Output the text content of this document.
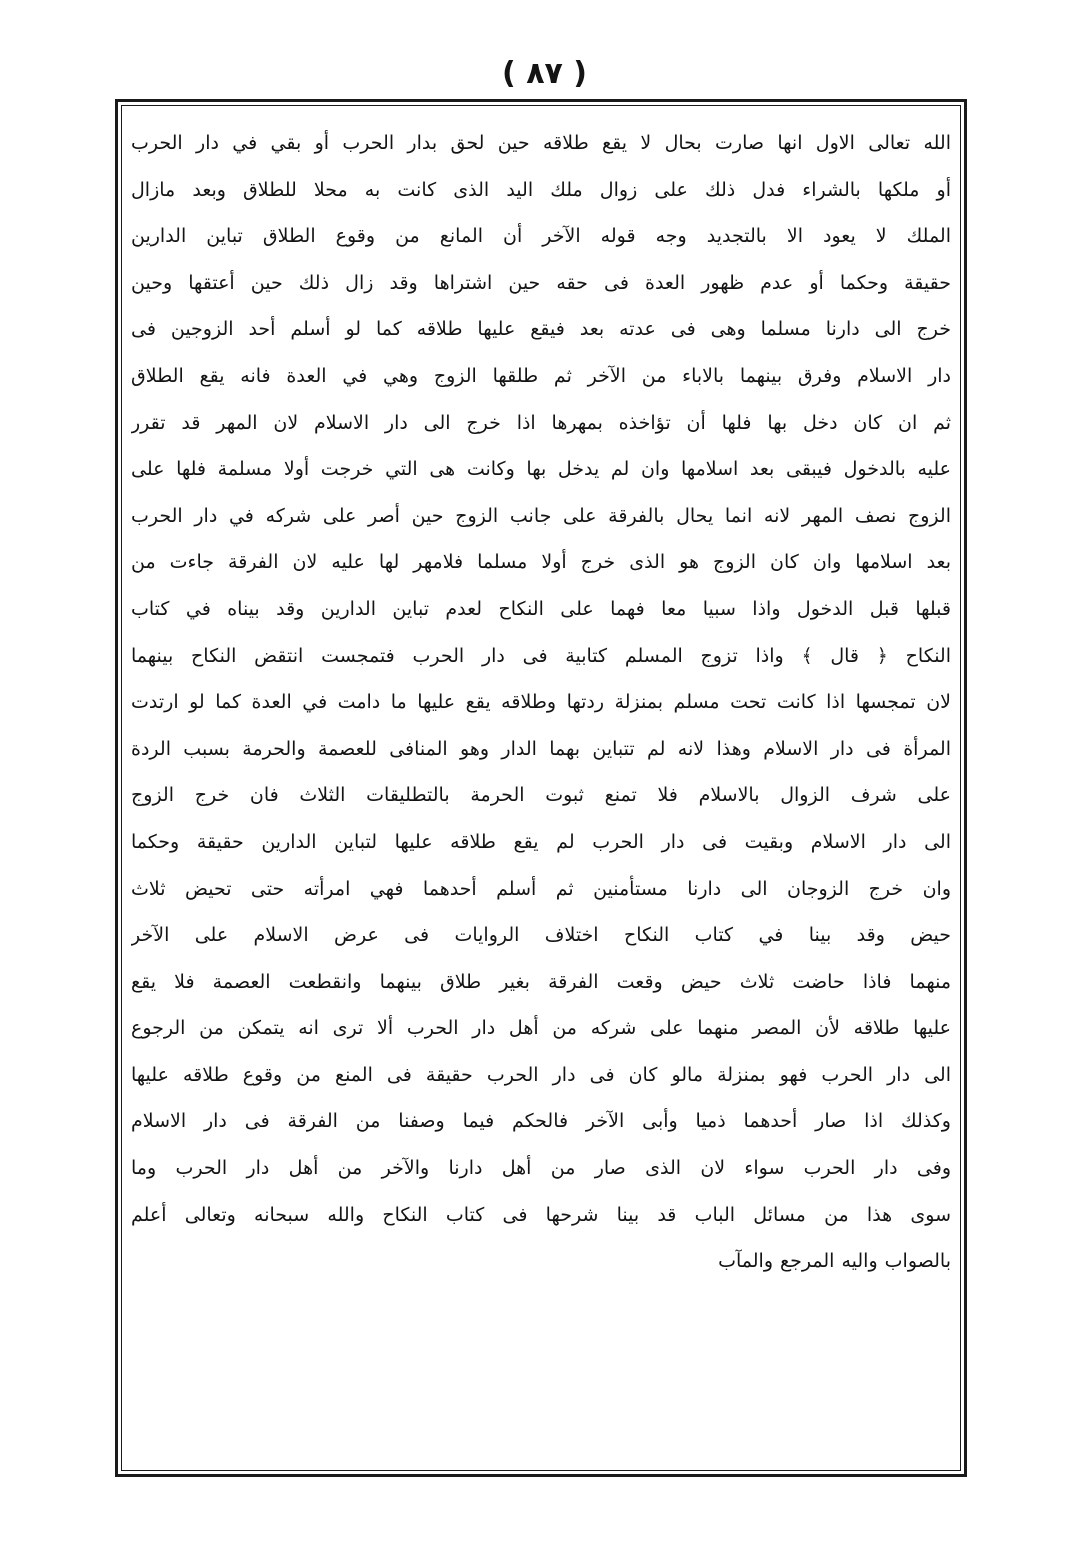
( ٨٧ )
الله تعالى الاول انها صارت بحال لا يقع طلاقه حين لحق بدار الحرب أو بقي في دار الحرب
أو ملكها بالشراء فدل ذلك على زوال ملك اليد الذى كانت به محلا للطلاق وبعد مازال
الملك لا يعود الا بالتجديد وجه قوله الآخر أن المانع من وقوع الطلاق تباين الدارين
حقيقة وحكما أو عدم ظهور العدة فى حقه حين اشتراها وقد زال ذلك حين أعتقها وحين
خرج الى دارنا مسلما وهى فى عدته بعد فيقع عليها طلاقه كما لو أسلم أحد الزوجين فى
دار الاسلام وفرق بينهما بالاباء من الآخر ثم طلقها الزوج وهي في العدة فانه يقع الطلاق
ثم ان كان دخل بها فلها أن تؤاخذه بمهرها اذا خرج الى دار الاسلام لان المهر قد تقرر
عليه بالدخول فيبقى بعد اسلامها وان لم يدخل بها وكانت هى التي خرجت أولا مسلمة فلها على
الزوج نصف المهر لانه انما يحال بالفرقة على جانب الزوج حين أصر على شركه في دار الحرب
بعد اسلامها وان كان الزوج هو الذى خرج أولا مسلما فلامهر لها عليه لان الفرقة جاءت من
قبلها قبل الدخول واذا سبيا معا فهما على النكاح لعدم تباين الدارين وقد بيناه في كتاب
النكاح ﴿ قال ﴾ واذا تزوج المسلم كتابية فى دار الحرب فتمجست انتقض النكاح بينهما
لان تمجسها اذا كانت تحت مسلم بمنزلة ردتها وطلاقه يقع عليها ما دامت في العدة كما لو ارتدت
المرأة فى دار الاسلام وهذا لانه لم تتباين بهما الدار وهو المنافى للعصمة والحرمة بسبب الردة
على شرف الزوال بالاسلام فلا تمنع ثبوت الحرمة بالتطليقات الثلاث فان خرج الزوج
الى دار الاسلام وبقيت فى دار الحرب لم يقع طلاقه عليها لتباين الدارين حقيقة وحكما
وان خرج الزوجان الى دارنا مستأمنين ثم أسلم أحدهما فهي امرأته حتى تحيض ثلاث
حيض وقد بينا في كتاب النكاح اختلاف الروايات فى عرض الاسلام على الآخر
منهما فاذا حاضت ثلاث حيض وقعت الفرقة بغير طلاق بينهما وانقطعت العصمة فلا يقع
عليها طلاقه لأن المصر منهما على شركه من أهل دار الحرب ألا ترى انه يتمكن من الرجوع
الى دار الحرب فهو بمنزلة مالو كان فى دار الحرب حقيقة فى المنع من وقوع طلاقه عليها
وكذلك اذا صار أحدهما ذميا وأبى الآخر فالحكم فيما وصفنا من الفرقة فى دار الاسلام
وفى دار الحرب سواء لان الذى صار من أهل دارنا والآخر من أهل دار الحرب وما
سوى هذا من مسائل الباب قد بينا شرحها فى كتاب النكاح والله سبحانه وتعالى أعلم
بالصواب واليه المرجع والمآب
